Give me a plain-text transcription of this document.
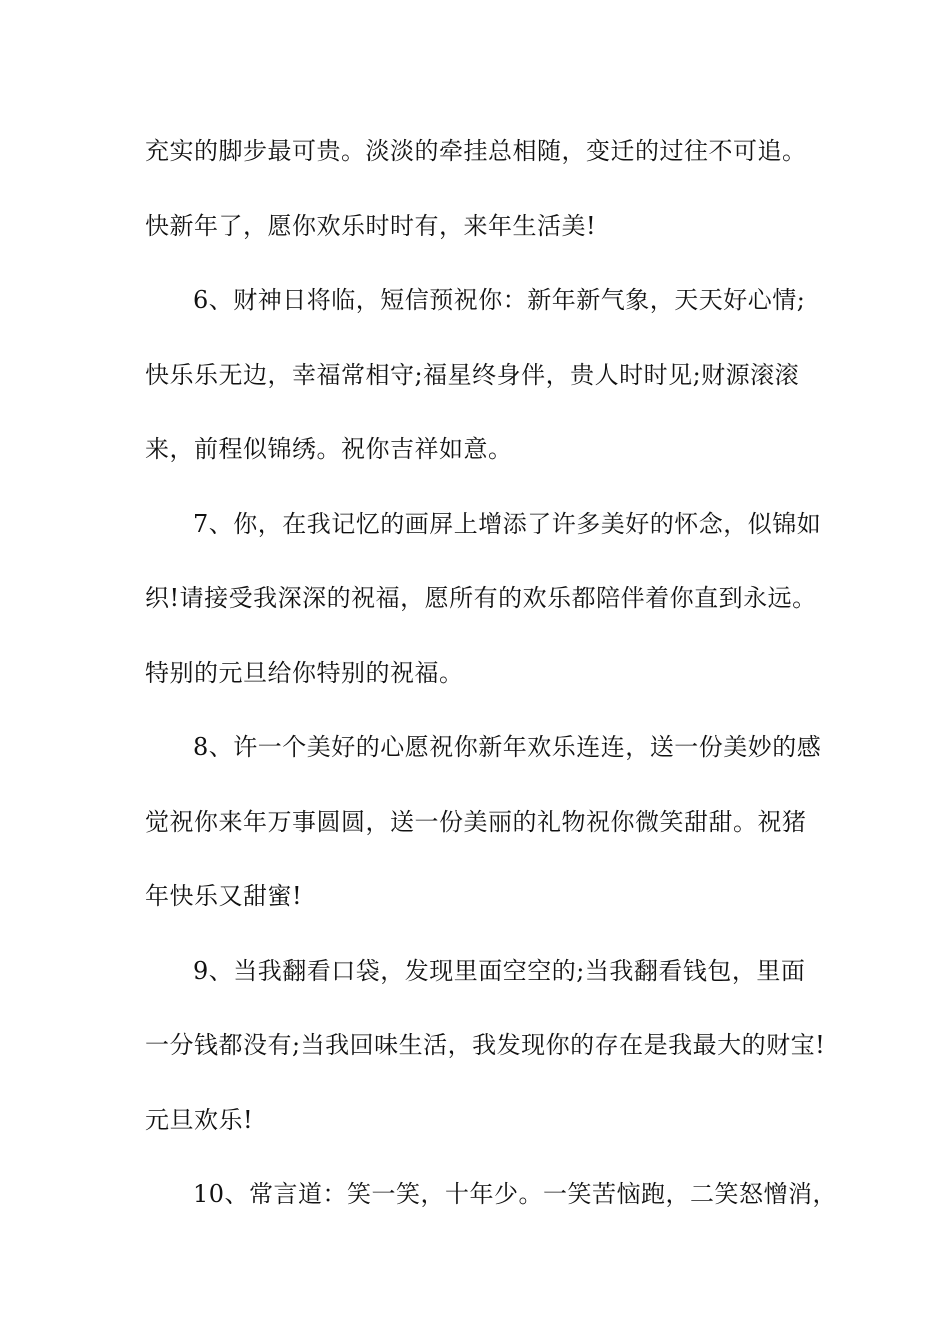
充实的脚步最可贵。淡淡的牵挂总相随，变迁的过往不可追。
快新年了，愿你欢乐时时有，来年生活美!
6、财神日将临，短信预祝你：新年新气象，天天好心情;
快乐乐无边，幸福常相守;福星终身伴，贵人时时见;财源滚滚
来，前程似锦绣。祝你吉祥如意。
7、你，在我记忆的画屏上增添了许多美好的怀念，似锦如
织!请接受我深深的祝福，愿所有的欢乐都陪伴着你直到永远。
特别的元旦给你特别的祝福。
8、许一个美好的心愿祝你新年欢乐连连，送一份美妙的感
觉祝你来年万事圆圆，送一份美丽的礼物祝你微笑甜甜。祝猪
年快乐又甜蜜!
9、当我翻看口袋，发现里面空空的;当我翻看钱包，里面
一分钱都没有;当我回味生活，我发现你的存在是我最大的财宝!
元旦欢乐!
10、常言道：笑一笑，十年少。一笑苦恼跑，二笑怒憎消，
